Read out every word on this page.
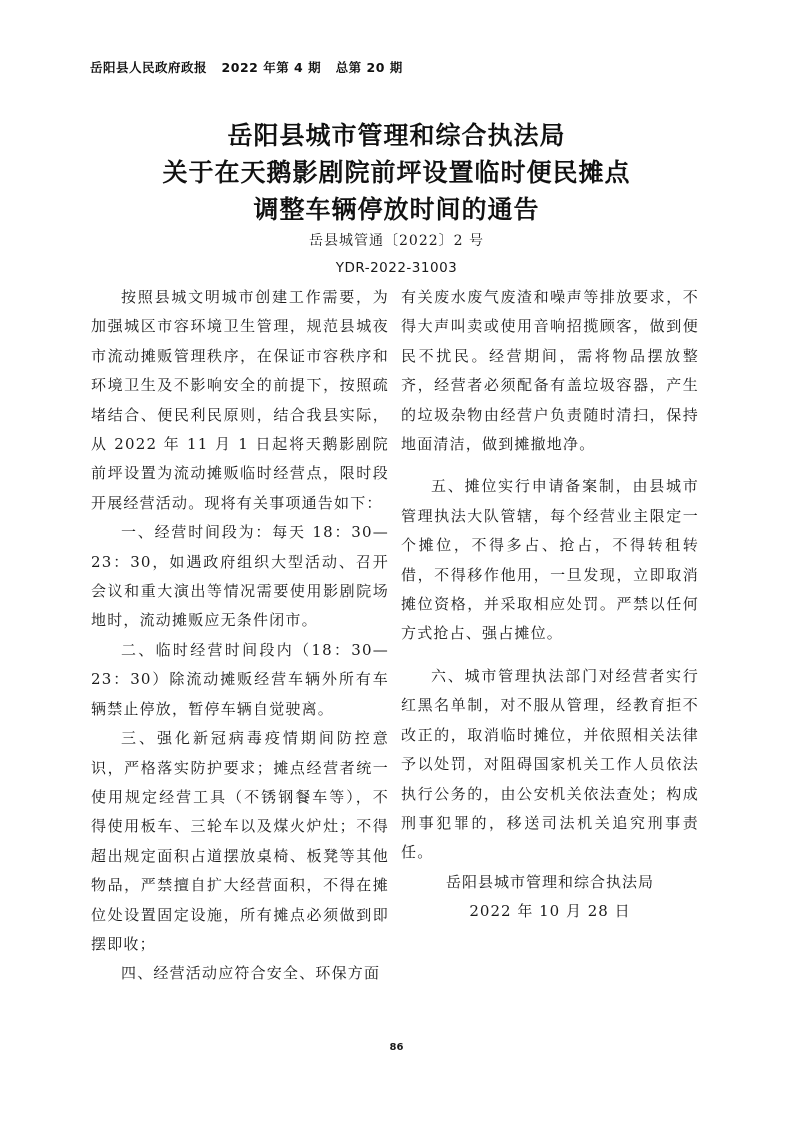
岳阳县人民政府政报   2022 年第 4 期   总第 20 期
岳阳县城市管理和综合执法局
关于在天鹅影剧院前坪设置临时便民摊点
调整车辆停放时间的通告
岳县城管通〔2022〕2 号
YDR-2022-31003

按照县城文明城市创建工作需要，为加强城区市容环境卫生管理，规范县城夜市流动摊贩管理秩序，在保证市容秩序和环境卫生及不影响安全的前提下，按照疏堵结合、便民利民原则，结合我县实际，从 2022 年 11 月 1 日起将天鹅影剧院前坪设置为流动摊贩临时经营点，限时段开展经营活动。现将有关事项通告如下：

一、经营时间段为：每天 18：30—23：30，如遇政府组织大型活动、召开会议和重大演出等情况需要使用影剧院场地时，流动摊贩应无条件闭市。

二、临时经营时间段内（18：30—23：30）除流动摊贩经营车辆外所有车辆禁止停放，暂停车辆自觉驶离。

三、强化新冠病毒疫情期间防控意识，严格落实防护要求；摊点经营者统一使用规定经营工具（不锈钢餐车等），不得使用板车、三轮车以及煤火炉灶；不得超出规定面积占道摆放桌椅、板凳等其他物品，严禁擅自扩大经营面积，不得在摊位处设置固定设施，所有摊点必须做到即摆即收；

四、经营活动应符合安全、环保方面

有关废水废气废渣和噪声等排放要求，不得大声叫卖或使用音响招揽顾客，做到便民不扰民。经营期间，需将物品摆放整齐，经营者必须配备有盖垃圾容器，产生的垃圾杂物由经营户负责随时清扫，保持地面清洁，做到摊撤地净。

五、摊位实行申请备案制，由县城市管理执法大队管辖，每个经营业主限定一个摊位，不得多占、抢占，不得转租转借，不得移作他用，一旦发现，立即取消摊位资格，并采取相应处罚。严禁以任何方式抢占、强占摊位。

六、城市管理执法部门对经营者实行红黑名单制，对不服从管理，经教育拒不改正的，取消临时摊位，并依照相关法律予以处罚，对阻碍国家机关工作人员依法执行公务的，由公安机关依法查处；构成刑事犯罪的，移送司法机关追究刑事责任。

岳阳县城市管理和综合执法局
2022 年 10 月 28 日
86
